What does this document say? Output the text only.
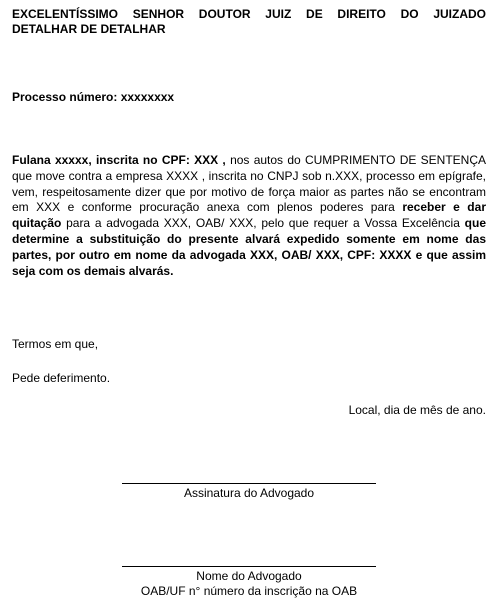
EXCELENTÍSSIMO SENHOR DOUTOR JUIZ DE DIREITO DO JUIZADO
DETALHAR DE DETALHAR
Processo número: xxxxxxxx
Fulana xxxxx, inscrita no CPF: XXX , nos autos do CUMPRIMENTO DE SENTENÇA que move contra a empresa XXXX , inscrita no CNPJ sob n.XXX, processo em epígrafe, vem, respeitosamente dizer que por motivo de força maior as partes não se encontram em XXX e conforme procuração anexa com plenos poderes para receber e dar quitação para a advogada XXX, OAB/ XXX, pelo que requer a Vossa Excelência que determine a substituição do presente alvará expedido somente em nome das partes, por outro em nome da advogada XXX, OAB/ XXX, CPF: XXXX e que assim seja com os demais alvarás.
Termos em que,
Pede deferimento.
Local, dia de mês de ano.
Assinatura do Advogado
Nome do Advogado
OAB/UF n° número da inscrição na OAB
